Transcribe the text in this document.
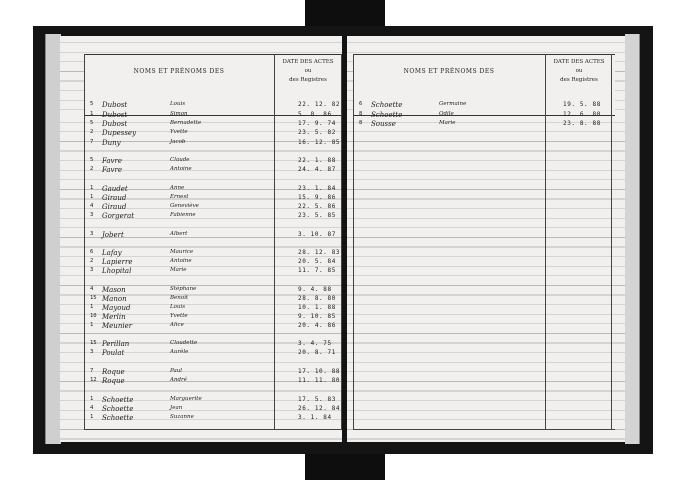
NOMS ET PRÉNOMS DES
DATE DES ACTES
ou
des Registres
5 Dubost	Louis	22. 12. 82
1 Dubost	Simon	5. 8. 86
5 Dubost	Bernadette	17. 9. 74
2 Dupessey	Yvette	23. 5. 82
7 Duny	Jacob	16. 12. 85
5 Favre	Claude	22. 1. 88
2 Favre	Antoine	24. 4. 87
1 Gaudet	Anne	23. 1. 84
1 Giraud	Ernest	15. 9. 86
4 Giraud	Geneviève	22. 5. 86
3 Gorgerat	Fabienne	23. 5. 85
3 Jobert	Albert	3. 10. 87
6 Lafay	Maurice	28. 12. 83
2 Lapierre	Antoine	20. 5. 84
3 Lhopital	Marie	11. 7. 85
4 Mason	Stéphane	9. 4. 88
15 Manon	Benoît	28. 8. 80
1 Mayoud	Louis	10. 1. 88
10 Merlin	Yvette	9. 10. 85
1 Meunier	Alice	20. 4. 86
15 Perillan	Claudette	3. 4. 75
3 Poulat	Aurèle	20. 8. 71
7 Roque	Paul	17. 10. 88
12 Roque	André	11. 11. 80
1 Schoette	Marguerite	17. 5. 83
4 Schoette	Jean	26. 12. 84
1 Schoette	Suzanne	3. 1. 84
NOMS ET PRÉNOMS DES
DATE DES ACTES
ou
des Registres
6 Schoette	Germaine	19. 5. 88
8 Schoette	Odile	12. 6. 80
8 Sousse	Marie	23. 8. 88
